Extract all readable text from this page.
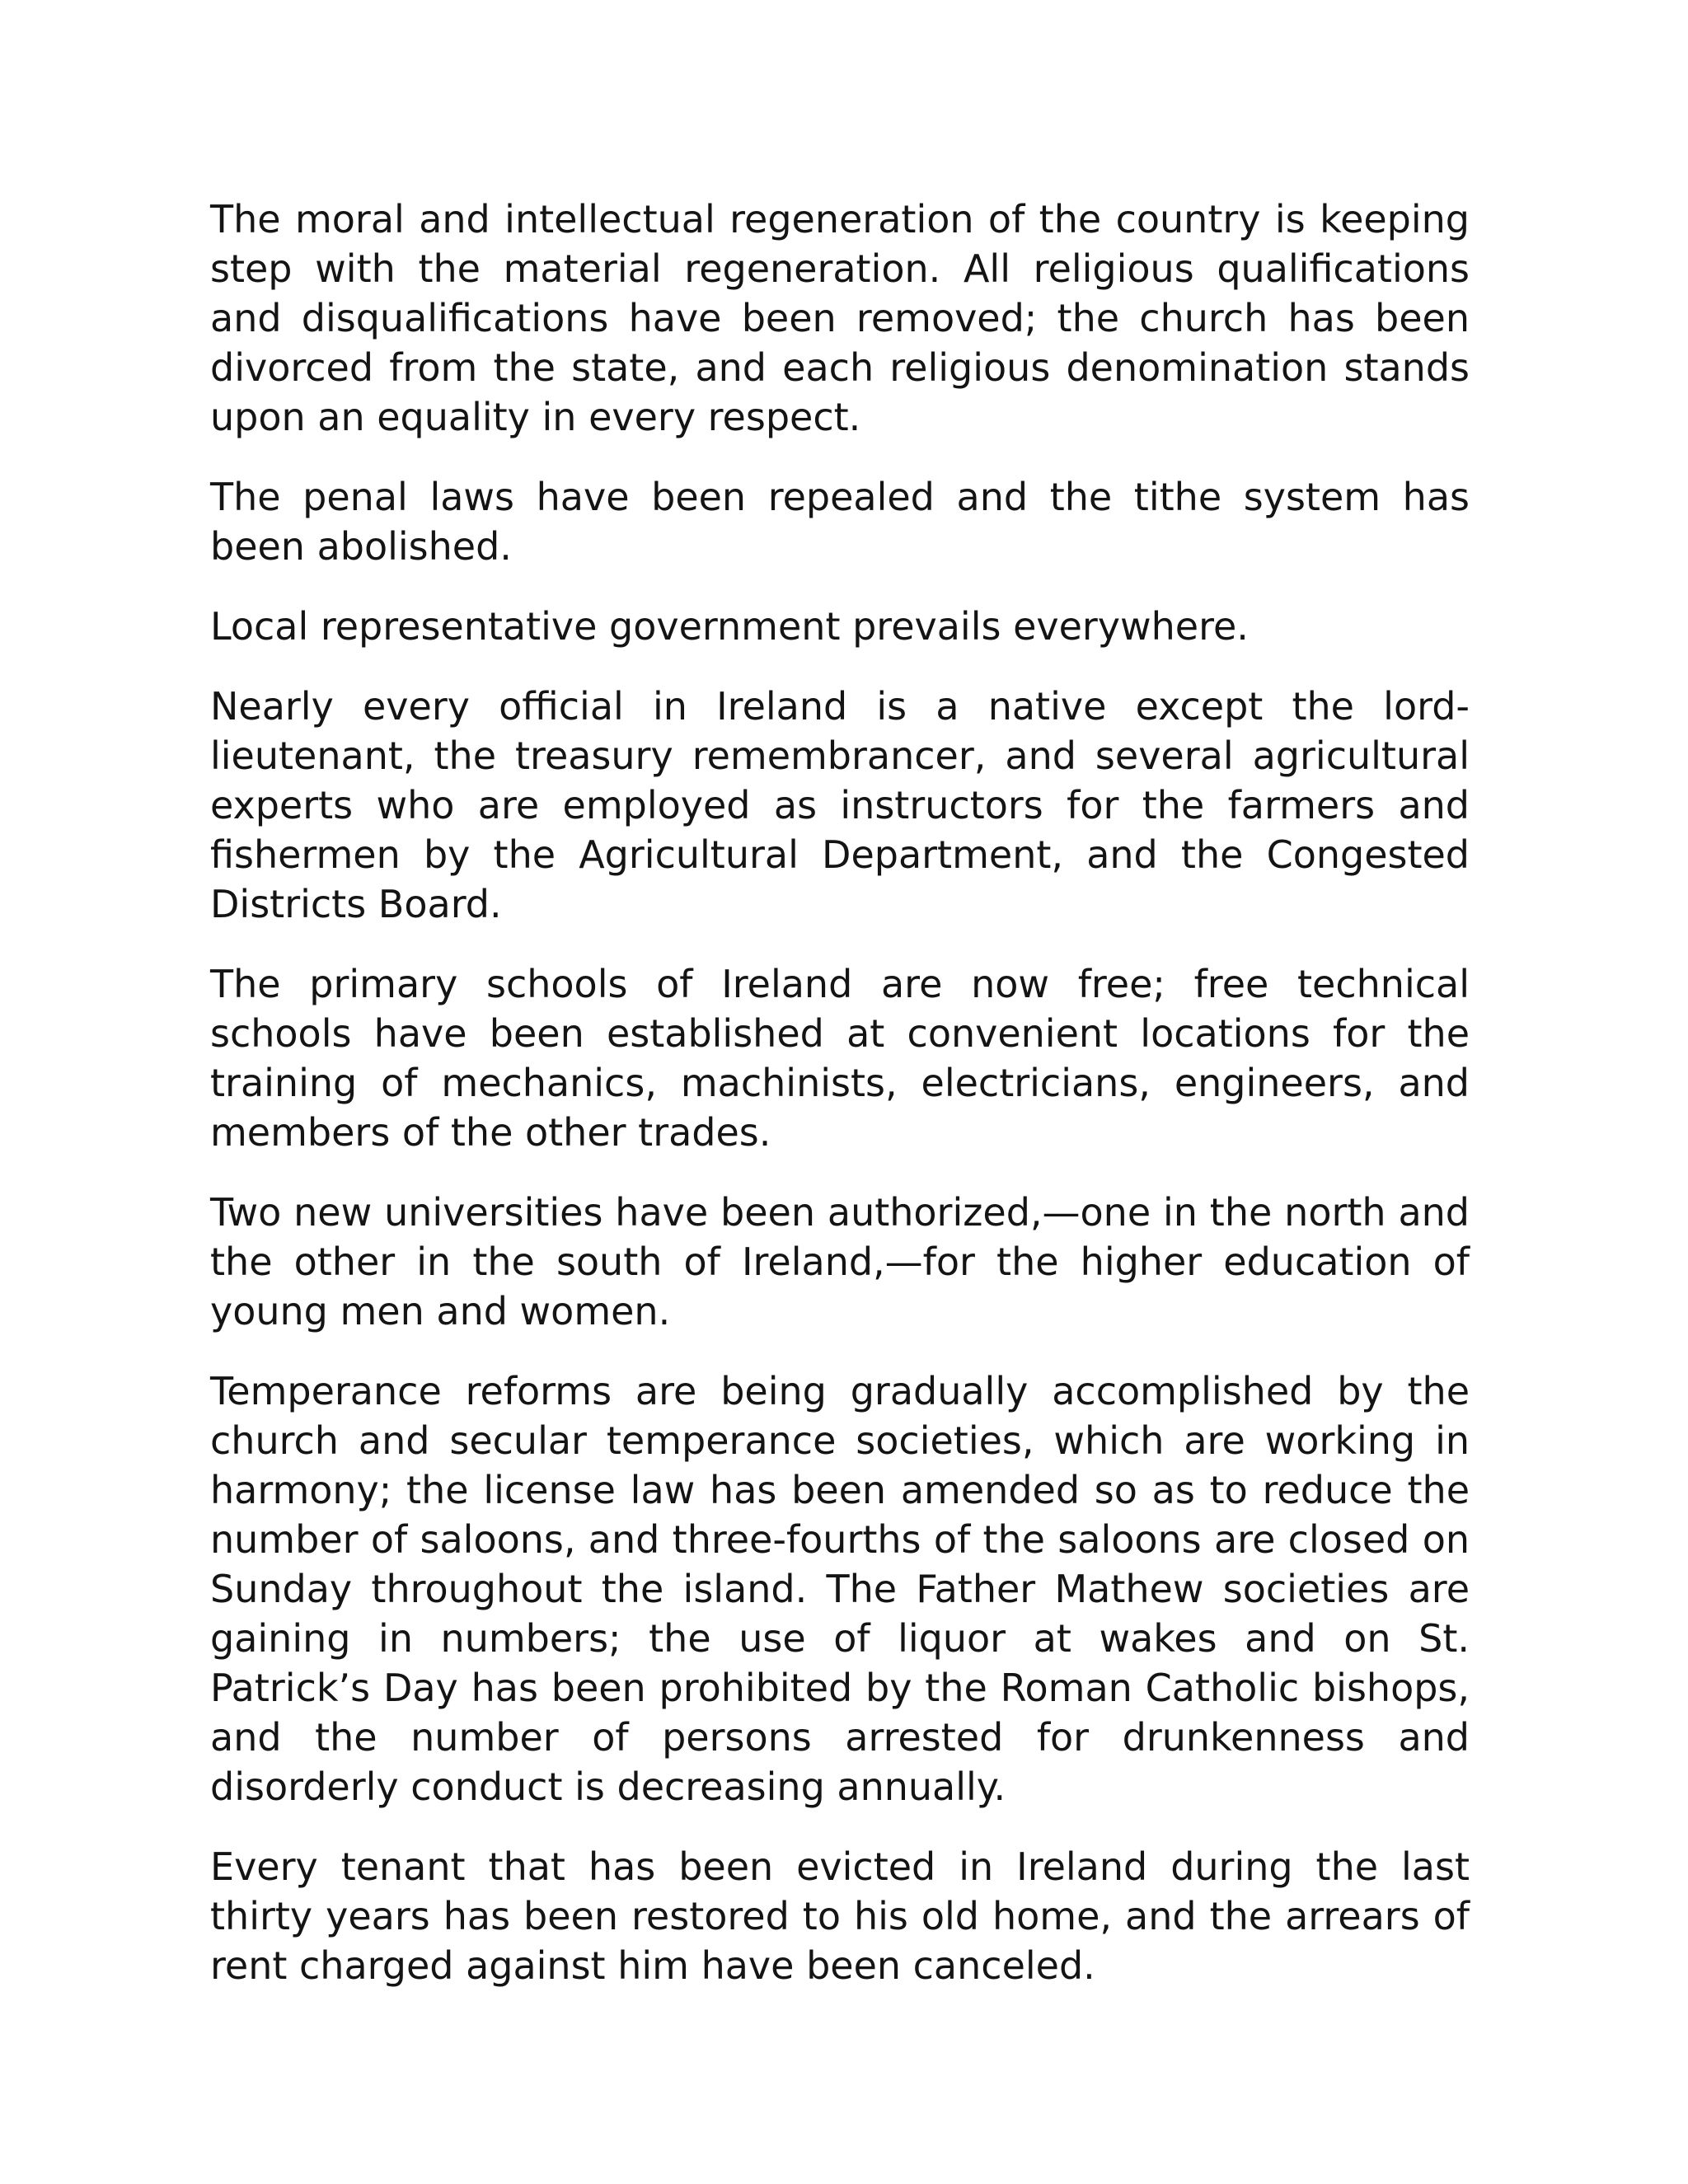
The moral and intellectual regeneration of the country is keeping step with the material regeneration. All religious qualifications and disqualifications have been removed; the church has been divorced from the state, and each religious denomination stands upon an equality in every respect.

The penal laws have been repealed and the tithe system has been abolished.

Local representative government prevails everywhere.

Nearly every official in Ireland is a native except the lord-lieutenant, the treasury remembrancer, and several agricultural experts who are employed as instructors for the farmers and fishermen by the Agricultural Department, and the Congested Districts Board.

The primary schools of Ireland are now free; free technical schools have been established at convenient locations for the training of mechanics, machinists, electricians, engineers, and members of the other trades.

Two new universities have been authorized,—one in the north and the other in the south of Ireland,—for the higher education of young men and women.

Temperance reforms are being gradually accomplished by the church and secular temperance societies, which are working in harmony; the license law has been amended so as to reduce the number of saloons, and three-fourths of the saloons are closed on Sunday throughout the island. The Father Mathew societies are gaining in numbers; the use of liquor at wakes and on St. Patrick’s Day has been prohibited by the Roman Catholic bishops, and the number of persons arrested for drunkenness and disorderly conduct is decreasing annually.

Every tenant that has been evicted in Ireland during the last thirty years has been restored to his old home, and the arrears of rent charged against him have been canceled.
